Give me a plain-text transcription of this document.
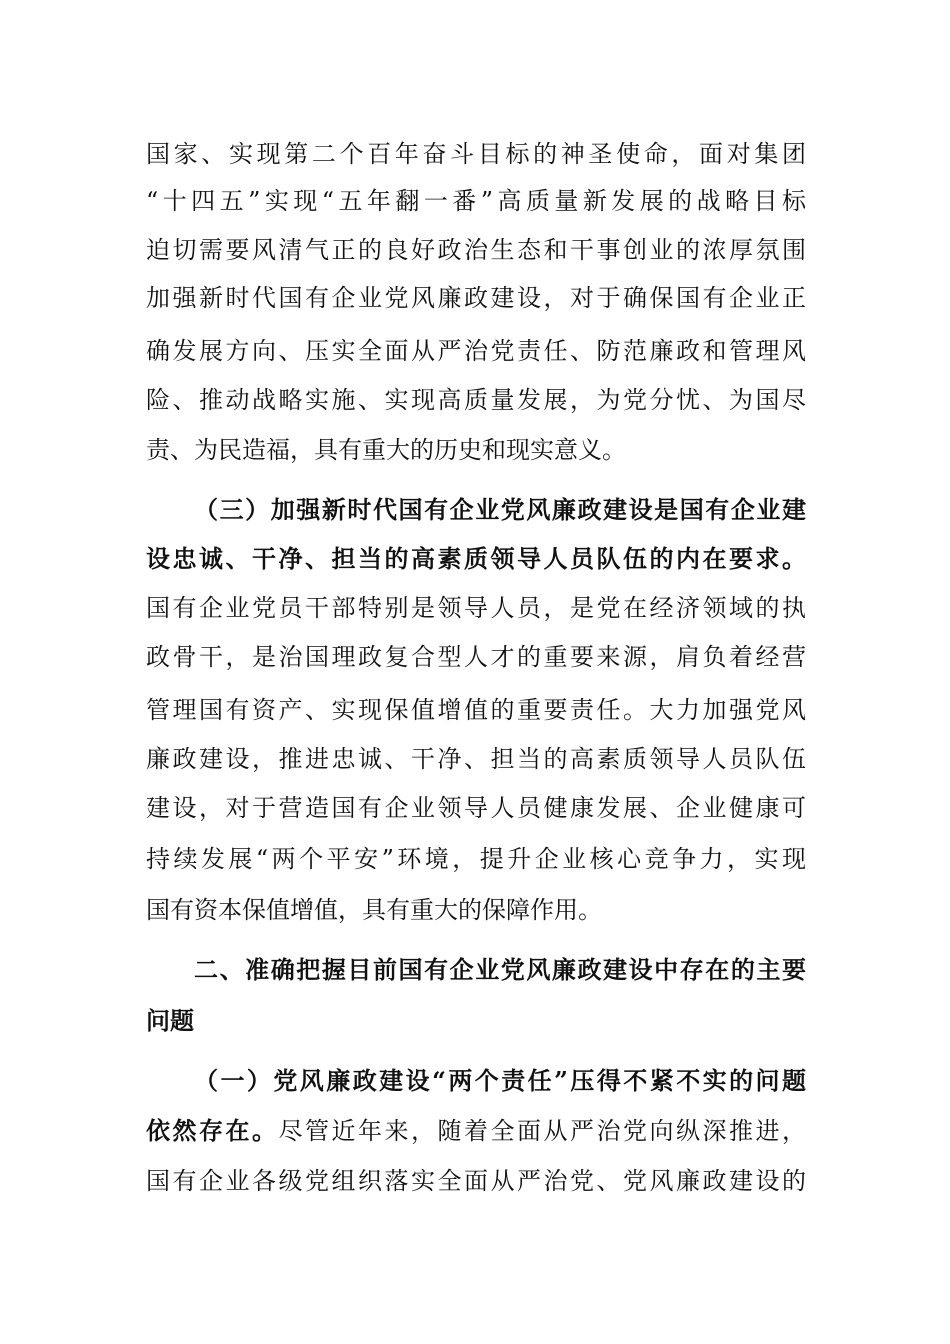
国家、实现第二个百年奋斗目标的神圣使命，面对集团
“十四五”实现“五年翻一番”高质量新发展的战略目标
迫切需要风清气正的良好政治生态和干事创业的浓厚氛围
加强新时代国有企业党风廉政建设，对于确保国有企业正
确发展方向、压实全面从严治党责任、防范廉政和管理风
险、推动战略实施、实现高质量发展，为党分忧、为国尽
责、为民造福，具有重大的历史和现实意义。
（三）加强新时代国有企业党风廉政建设是国有企业建
设忠诚、干净、担当的高素质领导人员队伍的内在要求。
国有企业党员干部特别是领导人员，是党在经济领域的执
政骨干，是治国理政复合型人才的重要来源，肩负着经营
管理国有资产、实现保值增值的重要责任。大力加强党风
廉政建设，推进忠诚、干净、担当的高素质领导人员队伍
建设，对于营造国有企业领导人员健康发展、企业健康可
持续发展“两个平安”环境，提升企业核心竞争力，实现
国有资本保值增值，具有重大的保障作用。
二、准确把握目前国有企业党风廉政建设中存在的主要
问题
（一）党风廉政建设“两个责任”压得不紧不实的问题
依然存在。尽管近年来，随着全面从严治党向纵深推进，
国有企业各级党组织落实全面从严治党、党风廉政建设的
